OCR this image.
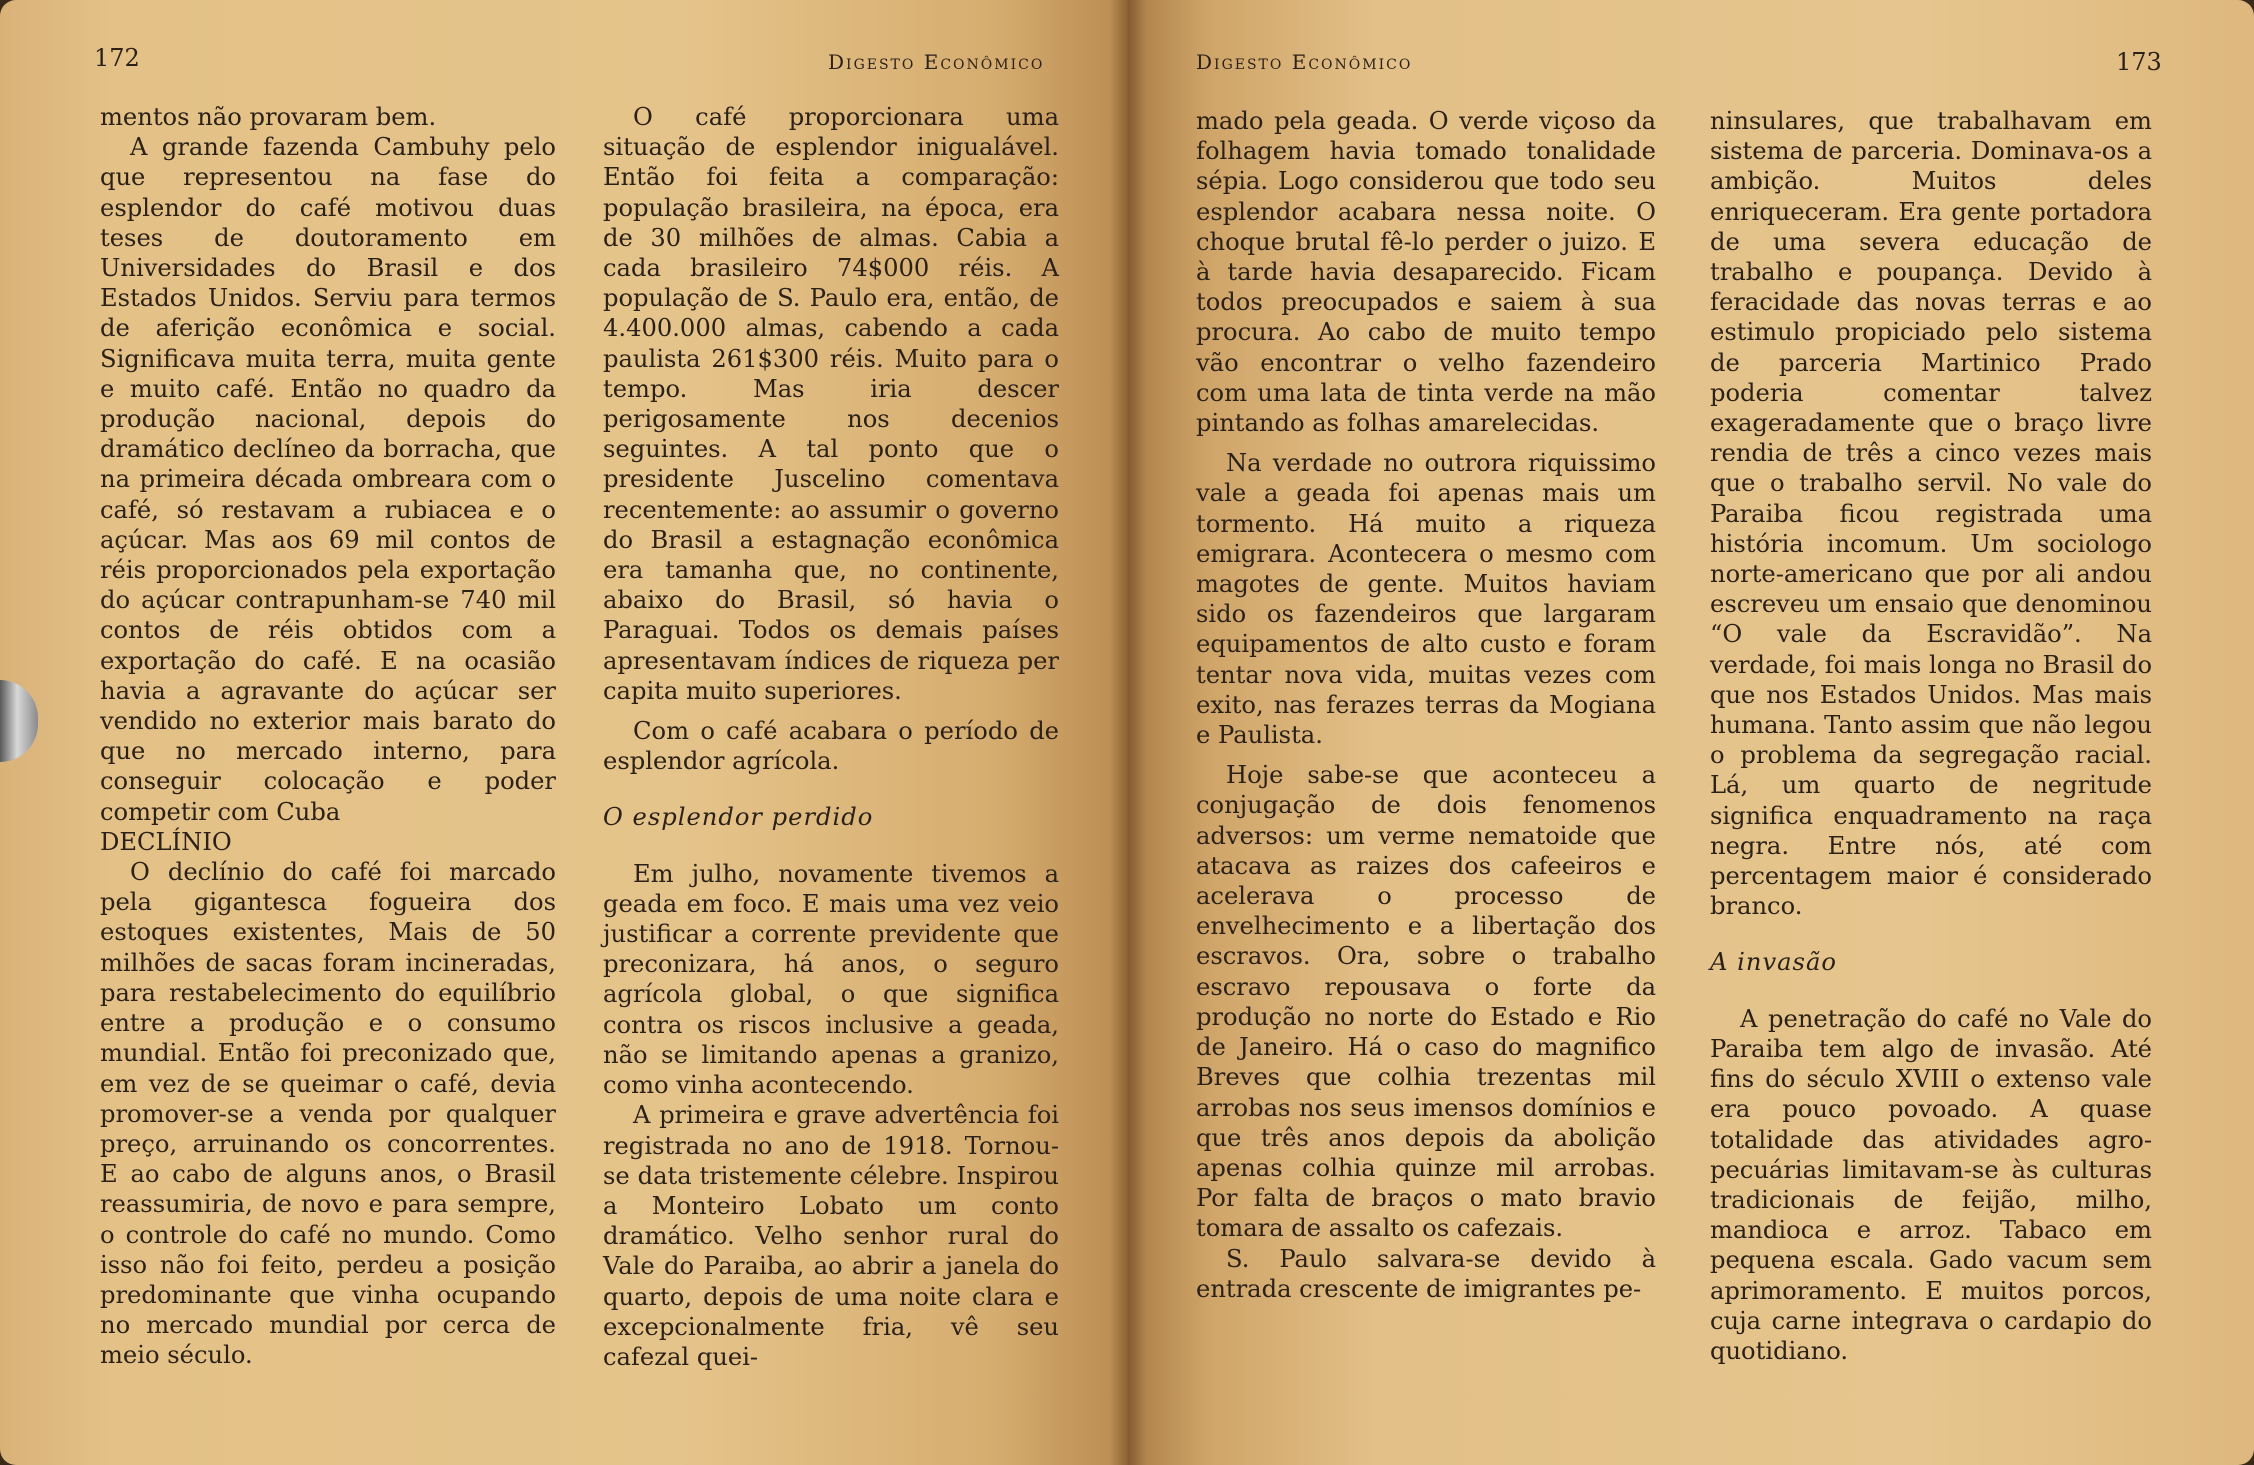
172	Digesto Econômico

mentos não provaram bem.

A grande fazenda Cambuhy pelo que representou na fase do esplendor do café motivou duas teses de doutoramento em Universidades do Brasil e dos Estados Unidos. Serviu para termos de aferição econômica e social. Significava muita terra, muita gente e muito café. Então no quadro da produção nacional, depois do dramático declíneo da borracha, que na primeira década ombreara com o café, só restavam a rubiacea e o açúcar. Mas aos 69 mil contos de réis proporcionados pela exportação do açúcar contrapunham-se 740 mil contos de réis obtidos com a exportação do café. E na ocasião havia a agravante do açúcar ser vendido no exterior mais barato do que no mercado interno, para conseguir colocação e poder competir com Cuba

DECLÍNIO

O declínio do café foi marcado pela gigantesca fogueira dos estoques existentes, Mais de 50 milhões de sacas foram incineradas, para restabelecimento do equilíbrio entre a produção e o consumo mundial. Então foi preconizado que, em vez de se queimar o café, devia promover-se a venda por qualquer preço, arruinando os concorrentes. E ao cabo de alguns anos, o Brasil reassumiria, de novo e para sempre, o controle do café no mundo. Como isso não foi feito, perdeu a posição predominante que vinha ocupando no mercado mundial por cerca de meio século.

O café proporcionara uma situação de esplendor inigualável. Então foi feita a comparação: população brasileira, na época, era de 30 milhões de almas. Cabia a cada brasileiro 74$000 réis. A população de S. Paulo era, então, de 4.400.000 almas, cabendo a cada paulista 261$300 réis. Muito para o tempo. Mas iria descer perigosamente nos decenios seguintes. A tal ponto que o presidente Juscelino comentava recentemente: ao assumir o governo do Brasil a estagnação econômica era tamanha que, no continente, abaixo do Brasil, só havia o Paraguai. Todos os demais países apresentavam índices de riqueza per capita muito superiores.

Com o café acabara o período de esplendor agrícola.

O esplendor perdido

Em julho, novamente tivemos a geada em foco. E mais uma vez veio justificar a corrente previdente que preconizara, há anos, o seguro agrícola global, o que significa contra os riscos inclusive a geada, não se limitando apenas a granizo, como vinha acontecendo.

A primeira e grave advertência foi registrada no ano de 1918. Tornou-se data tristemente célebre. Inspirou a Monteiro Lobato um conto dramático. Velho senhor rural do Vale do Paraiba, ao abrir a janela do quarto, depois de uma noite clara e excepcionalmente fria, vê seu cafezal quei-

Digesto Econômico	173

mado pela geada. O verde viçoso da folhagem havia tomado tonalidade sépia. Logo considerou que todo seu esplendor acabara nessa noite. O choque brutal fê-lo perder o juizo. E à tarde havia desaparecido. Ficam todos preocupados e saiem à sua procura. Ao cabo de muito tempo vão encontrar o velho fazendeiro com uma lata de tinta verde na mão pintando as folhas amarelecidas.

Na verdade no outrora riquissimo vale a geada foi apenas mais um tormento. Há muito a riqueza emigrara. Acontecera o mesmo com magotes de gente. Muitos haviam sido os fazendeiros que largaram equipamentos de alto custo e foram tentar nova vida, muitas vezes com exito, nas ferazes terras da Mogiana e Paulista.

Hoje sabe-se que aconteceu a conjugação de dois fenomenos adversos: um verme nematoide que atacava as raizes dos cafeeiros e acelerava o processo de envelhecimento e a libertação dos escravos. Ora, sobre o trabalho escravo repousava o forte da produção no norte do Estado e Rio de Janeiro. Há o caso do magnifico Breves que colhia trezentas mil arrobas nos seus imensos domínios e que três anos depois da abolição apenas colhia quinze mil arrobas. Por falta de braços o mato bravio tomara de assalto os cafezais.

S. Paulo salvara-se devido à entrada crescente de imigrantes pe-

ninsulares, que trabalhavam em sistema de parceria. Dominava-os a ambição. Muitos deles enriqueceram. Era gente portadora de uma severa educação de trabalho e poupança. Devido à feracidade das novas terras e ao estimulo propiciado pelo sistema de parceria Martinico Prado poderia comentar talvez exageradamente que o braço livre rendia de três a cinco vezes mais que o trabalho servil. No vale do Paraiba ficou registrada uma história incomum. Um sociologo norte-americano que por ali andou escreveu um ensaio que denominou “O vale da Escravidão”. Na verdade, foi mais longa no Brasil do que nos Estados Unidos. Mas mais humana. Tanto assim que não legou o problema da segregação racial. Lá, um quarto de negritude significa enquadramento na raça negra. Entre nós, até com percentagem maior é considerado branco.

A invasão

A penetração do café no Vale do Paraiba tem algo de invasão. Até fins do século XVIII o extenso vale era pouco povoado. A quase totalidade das atividades agro-pecuárias limitavam-se às culturas tradicionais de feijão, milho, mandioca e arroz. Tabaco em pequena escala. Gado vacum sem aprimoramento. E muitos porcos, cuja carne integrava o cardapio do quotidiano.
